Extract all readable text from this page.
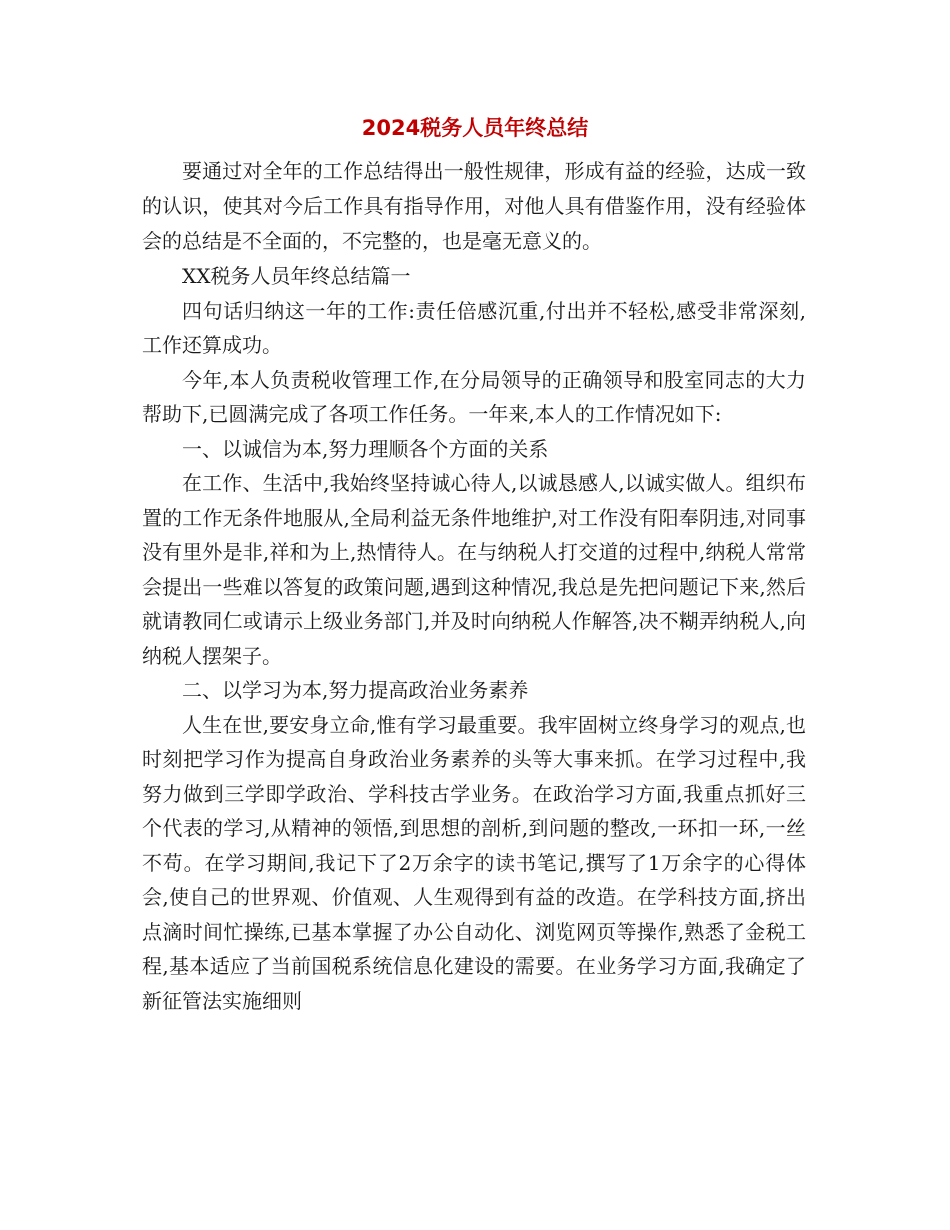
2024税务人员年终总结

要通过对全年的工作总结得出一般性规律，形成有益的经验，达成一致的认识，使其对今后工作具有指导作用，对他人具有借鉴作用，没有经验体会的总结是不全面的，不完整的，也是毫无意义的。

XX税务人员年终总结篇一

四句话归纳这一年的工作:责任倍感沉重,付出并不轻松,感受非常深刻,工作还算成功。

今年,本人负责税收管理工作,在分局领导的正确领导和股室同志的大力帮助下,已圆满完成了各项工作任务。一年来,本人的工作情况如下:

一、以诚信为本,努力理顺各个方面的关系

在工作、生活中,我始终坚持诚心待人,以诚恳感人,以诚实做人。组织布置的工作无条件地服从,全局利益无条件地维护,对工作没有阳奉阴违,对同事没有里外是非,祥和为上,热情待人。在与纳税人打交道的过程中,纳税人常常会提出一些难以答复的政策问题,遇到这种情况,我总是先把问题记下来,然后就请教同仁或请示上级业务部门,并及时向纳税人作解答,决不糊弄纳税人,向纳税人摆架子。

二、以学习为本,努力提高政治业务素养

人生在世,要安身立命,惟有学习最重要。我牢固树立终身学习的观点,也时刻把学习作为提高自身政治业务素养的头等大事来抓。在学习过程中,我努力做到三学即学政治、学科技古学业务。在政治学习方面,我重点抓好三个代表的学习,从精神的领悟,到思想的剖析,到问题的整改,一环扣一环,一丝不苟。在学习期间,我记下了2万余字的读书笔记,撰写了1万余字的心得体会,使自己的世界观、价值观、人生观得到有益的改造。在学科技方面,挤出点滴时间忙操练,已基本掌握了办公自动化、浏览网页等操作,熟悉了金税工程,基本适应了当前国税系统信息化建设的需要。在业务学习方面,我确定了新征管法实施细则
